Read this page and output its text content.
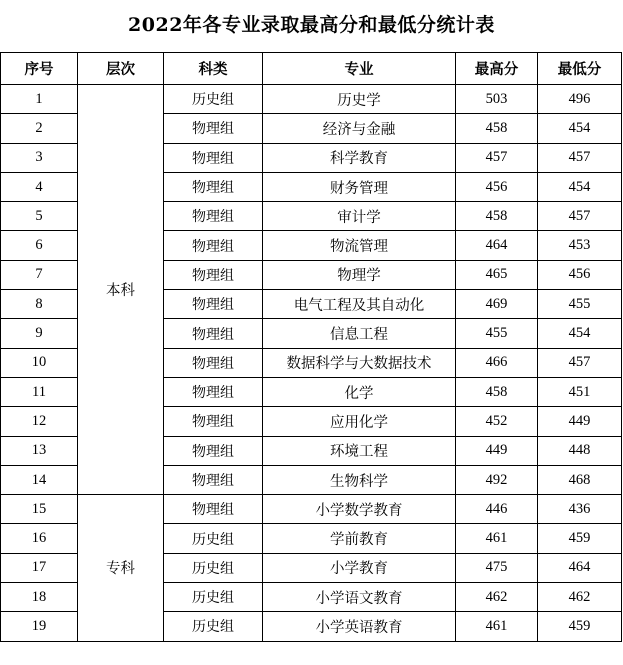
2022年各专业录取最高分和最低分统计表
序号	层次	科类	专业	最高分	最低分
1	本科	历史组	历史学	503	496
2		物理组	经济与金融	458	454
3		物理组	科学教育	457	457
4		物理组	财务管理	456	454
5		物理组	审计学	458	457
6		物理组	物流管理	464	453
7		物理组	物理学	465	456
8		物理组	电气工程及其自动化	469	455
9		物理组	信息工程	455	454
10		物理组	数据科学与大数据技术	466	457
11		物理组	化学	458	451
12		物理组	应用化学	452	449
13		物理组	环境工程	449	448
14		物理组	生物科学	492	468
15	专科	物理组	小学数学教育	446	436
16		历史组	学前教育	461	459
17		历史组	小学教育	475	464
18		历史组	小学语文教育	462	462
19		历史组	小学英语教育	461	459
